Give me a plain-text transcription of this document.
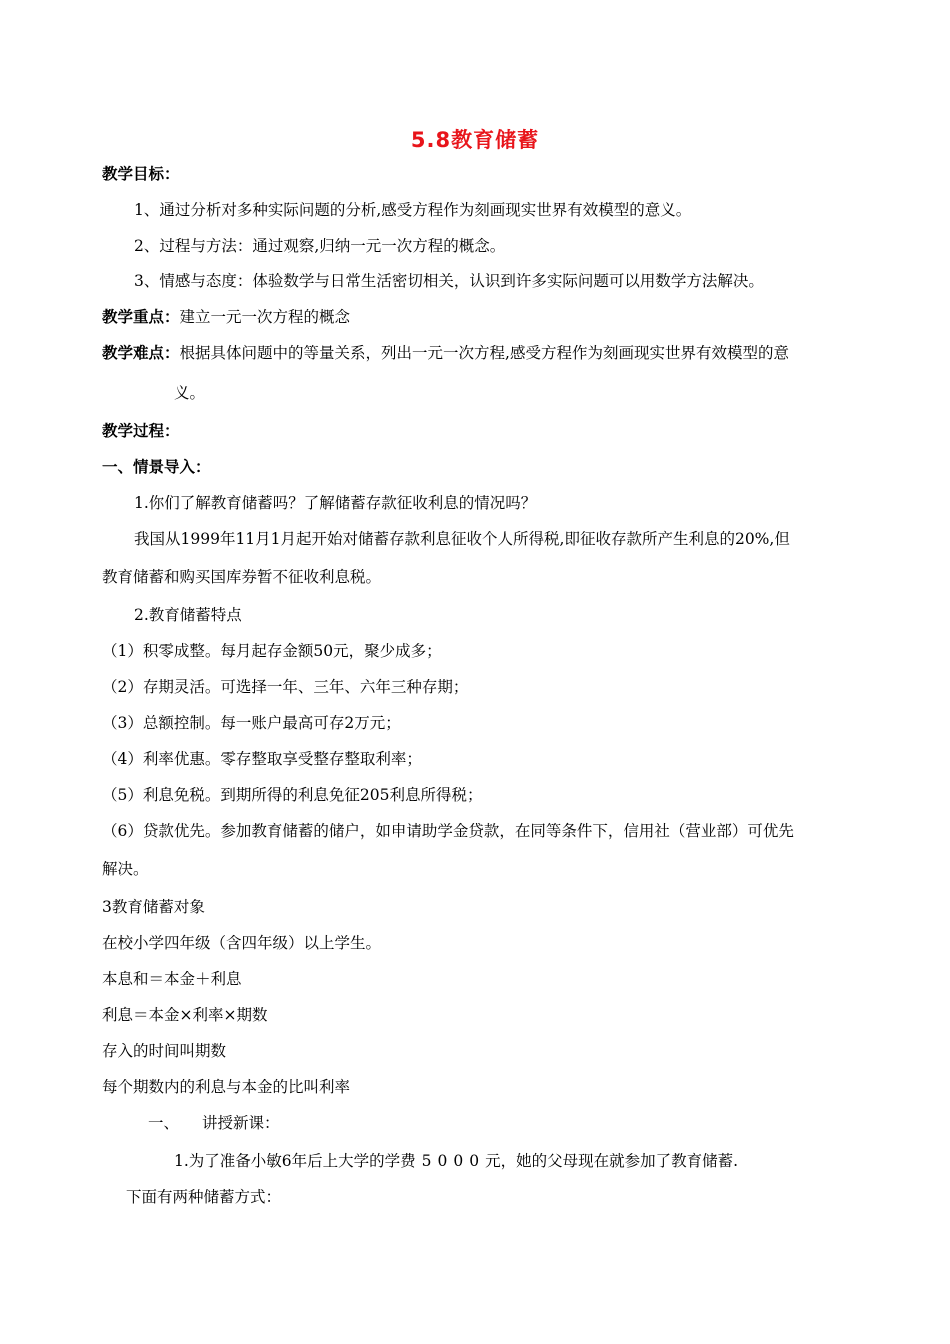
5.8教育储蓄
教学目标：
1、通过分析对多种实际问题的分析,感受方程作为刻画现实世界有效模型的意义。
2、过程与方法：通过观察,归纳一元一次方程的概念。
3、情感与态度：体验数学与日常生活密切相关，认识到许多实际问题可以用数学方法解决。
教学重点：建立一元一次方程的概念
教学难点：根据具体问题中的等量关系，列出一元一次方程,感受方程作为刻画现实世界有效模型的意
义。
教学过程：
一、情景导入：
1.你们了解教育储蓄吗？了解储蓄存款征收利息的情况吗？
我国从1999年11月1月起开始对储蓄存款利息征收个人所得税,即征收存款所产生利息的20%,但
教育储蓄和购买国库券暂不征收利息税。
2.教育储蓄特点
（1）积零成整。每月起存金额50元，聚少成多；
（2）存期灵活。可选择一年、三年、六年三种存期；
（3）总额控制。每一账户最高可存2万元；
（4）利率优惠。零存整取享受整存整取利率；
（5）利息免税。到期所得的利息免征205利息所得税；
（6）贷款优先。参加教育储蓄的储户，如申请助学金贷款，在同等条件下，信用社（营业部）可优先
解决。
3教育储蓄对象
在校小学四年级（含四年级）以上学生。
本息和＝本金＋利息
利息＝本金×利率×期数
存入的时间叫期数
每个期数内的利息与本金的比叫利率
一、 讲授新课：
1.为了准备小敏6年后上大学的学费 5000元，她的父母现在就参加了教育储蓄.
下面有两种储蓄方式：
